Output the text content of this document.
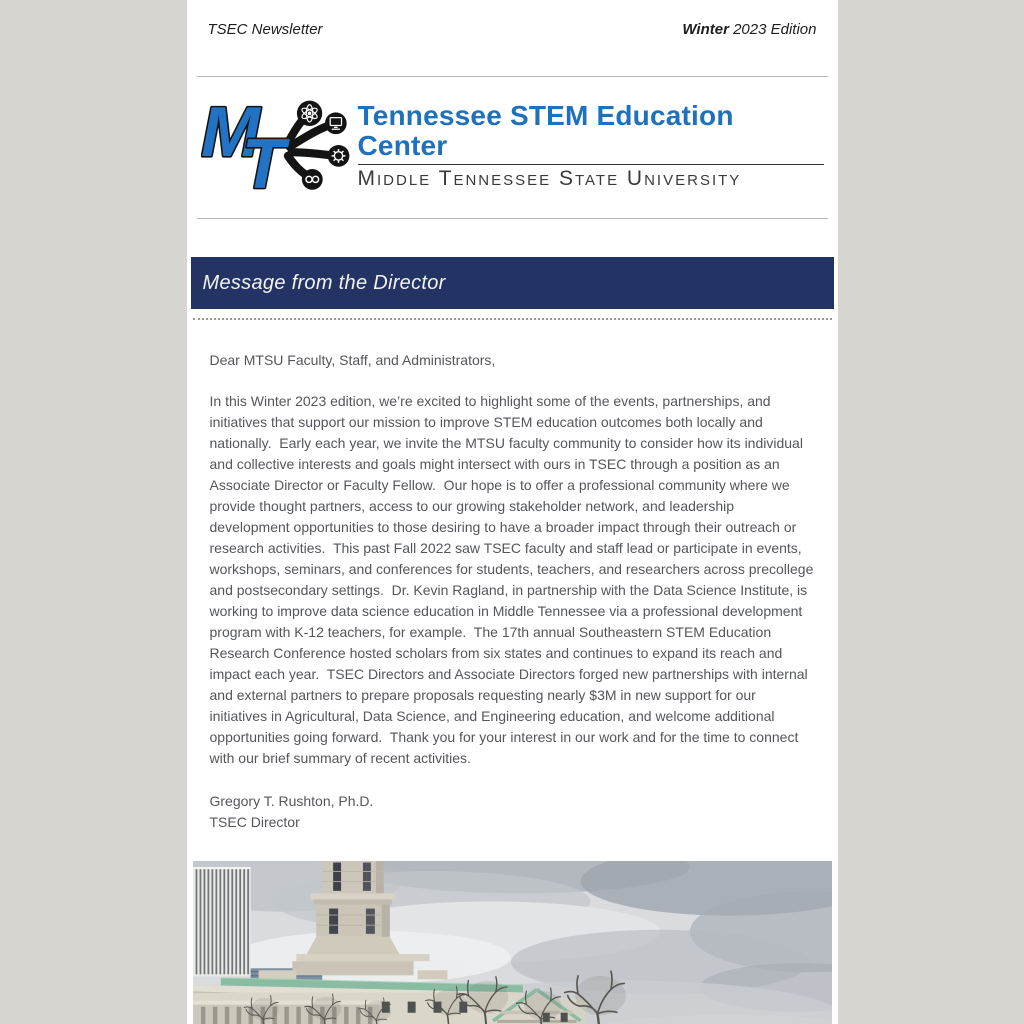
TSEC Newsletter	Winter 2023 Edition
M
T
Tennessee STEM Education Center
Middle Tennessee State University
Message from the Director

Dear MTSU Faculty, Staff, and Administrators,

In this Winter 2023 edition, we’re excited to highlight some of the events, partnerships, and initiatives that support our mission to improve STEM education outcomes both locally and nationally.  Early each year, we invite the MTSU faculty community to consider how its individual and collective interests and goals might intersect with ours in TSEC through a position as an Associate Director or Faculty Fellow.  Our hope is to offer a professional community where we provide thought partners, access to our growing stakeholder network, and leadership development opportunities to those desiring to have a broader impact through their outreach or research activities.  This past Fall 2022 saw TSEC faculty and staff lead or participate in events, workshops, seminars, and conferences for students, teachers, and researchers across precollege and postsecondary settings.  Dr. Kevin Ragland, in partnership with the Data Science Institute, is working to improve data science education in Middle Tennessee via a professional development program with K-12 teachers, for example.  The 17th annual Southeastern STEM Education Research Conference hosted scholars from six states and continues to expand its reach and impact each year.  TSEC Directors and Associate Directors forged new partnerships with internal and external partners to prepare proposals requesting nearly $3M in new support for our initiatives in Agricultural, Data Science, and Engineering education, and welcome additional opportunities going forward.  Thank you for your interest in our work and for the time to connect with our brief summary of recent activities.

Gregory T. Rushton, Ph.D.

TSEC Director
